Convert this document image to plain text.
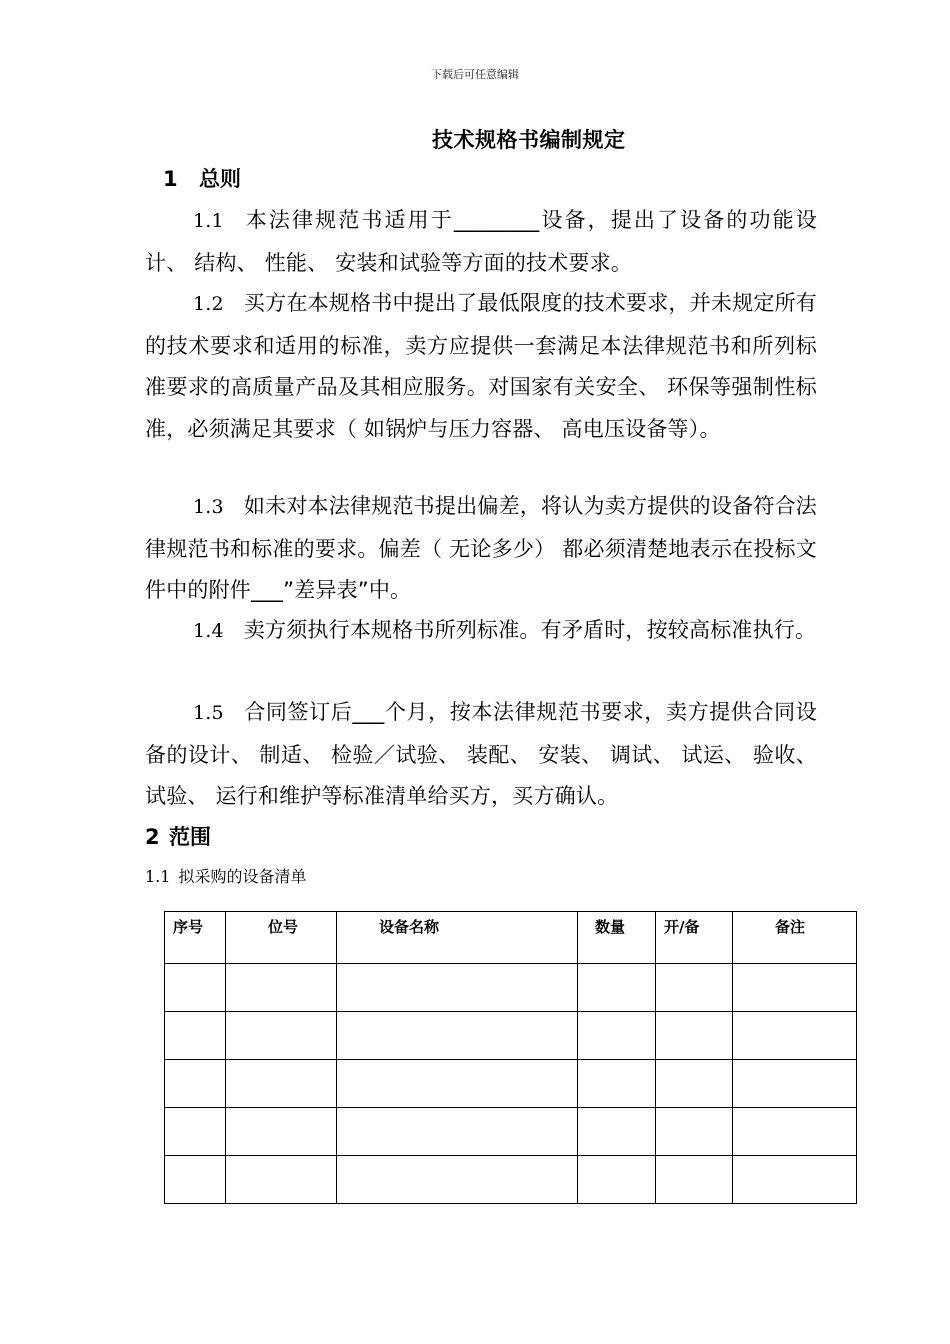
下载后可任意编辑
技术规格书编制规定
1 总则
1.1 本法律规范书适用于________设备，提出了设备的功能设计、 结构、 性能、 安装和试验等方面的技术要求。
1.2 买方在本规格书中提出了最低限度的技术要求，并未规定所有的技术要求和适用的标准，卖方应提供一套满足本法律规范书和所列标准要求的高质量产品及其相应服务。对国家有关安全、 环保等强制性标准，必须满足其要求（ 如锅炉与压力容器、 高电压设备等）。
1.3 如未对本法律规范书提出偏差，将认为卖方提供的设备符合法律规范书和标准的要求。偏差（ 无论多少） 都必须清楚地表示在投标文件中的附件___”差异表”中。
1.4 卖方须执行本规格书所列标准。有矛盾时，按较高标准执行。
1.5 合同签订后___个月，按本法律规范书要求，卖方提供合同设备的设计、 制适、 检验／试验、 装配、 安装、 调试、 试运、 验收、 试验、 运行和维护等标准清单给买方，买方确认。
2 范围
1.1 拟采购的设备清单
序号	位号	设备名称	数量	开/备	备注
